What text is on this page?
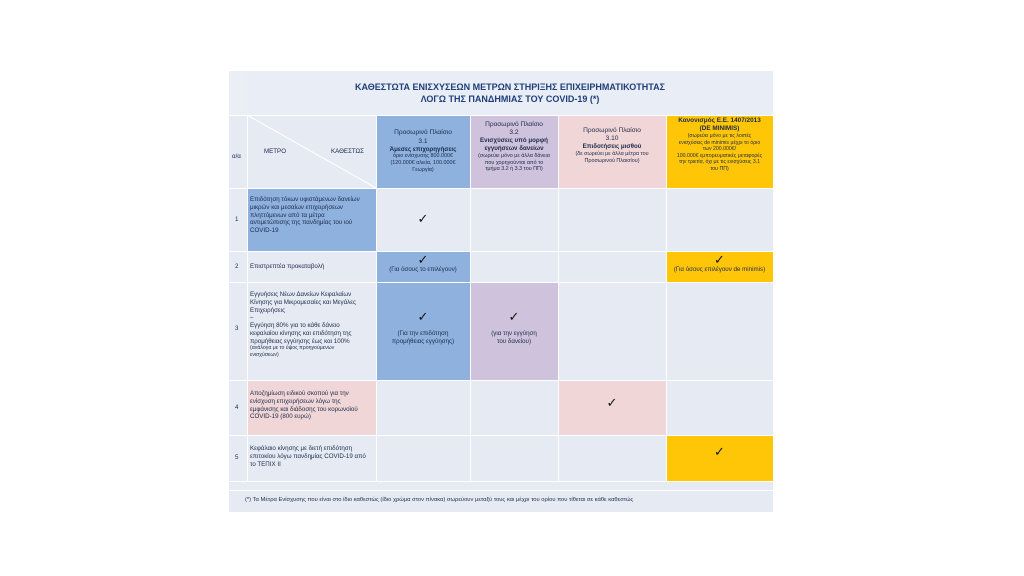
ΚΑΘΕΣΤΩΤΑ ΕΝΙΣΧΥΣΕΩΝ ΜΕΤΡΩΝ ΣΤΗΡΙΞΗΣ ΕΠΙΧΕΙΡΗΜΑΤΙΚΟΤΗΤΑΣ
ΛΟΓΩ ΤΗΣ ΠΑΝΔΗΜΙΑΣ ΤΟΥ COVID-19 (*)
α/α
ΜΕΤΡΟ	ΚΑΘΕΣΤΩΣ
Προσωρινό Πλαίσιο
3.1
Άμεσες επιχορηγήσεις
όριο ενίσχυσης 800.000€
(120.000€ αλιεία, 100.000€
Γεωργία)
Προσωρινό Πλαίσιο
3.2
Ενισχύσεις υπό μορφή
εγγυήσεων δανείων
(σωρεύει μόνο με άλλα δάνεια
που χορηγούνται από το
τμήμα 3.2 ή 3.3 του ΠΠ)
Προσωρινό Πλαίσιο
3.10
Επιδοτήσεις μισθού
(δε σωρεύει με άλλα μέτρα του
Προσωρινού Πλαισίου)
Κανονισμός Ε.Ε. 1407/2013
(DE MINIMIS)
(σωρεύει μόνο με τις λοιπές
ενισχύσεις de minimis μέχρι το όριο
των 200.000€/
100.000€ εμπορευματικές μεταφορές
την τριετία, όχι με τις ενισχύσεις 3.1
του ΠΠ)
1
Επιδότηση τόκων υφιστάμενων δανείων
μικρών και μεσαίων επιχειρήσεων
πληττόμενων από τα μέτρα
αντιμετώπισης της πανδημίας του ιού
COVID-19
✓
2 Επιστρεπτέα προκαταβολή	✓
(Για όσους το επιλέγουν)
✓
(Για όσους επιλέγουν de minimis)
3
Εγγυήσεις Νέων Δανείων Κεφαλαίων
Κίνησης για Μικρομεσαίες και Μεγάλες
Επιχειρήσεις
–
Εγγύηση 80% για το κάθε δάνειο
κεφαλαίου κίνησης και επιδότηση της
προμήθειας εγγύησης έως και 100%
(ανάλογα με το ύψος προηγούμενων
ενισχύσεων)
✓
(Για την επιδότηση
προμήθειας εγγύησης)
✓
(για την εγγύηση
του δανείου)
4
Αποζημίωση ειδικού σκοπού για την
ενίσχυση επιχειρήσεων λόγω της
εμφάνισης και διάδοσης του κορωνοϊού
COVID-19 (800 ευρώ)
✓
5
Κεφάλαιο κίνησης με διετή επιδότηση
επιτοκίου λόγω πανδημίας COVID-19 από
το ΤΕΠΙΧ ΙΙ
✓
(*) Τα Μέτρα Ενίσχυσης που είναι στο ίδιο καθεστώς (ίδιο χρώμα στον πίνακα) σωρεύουν μεταξύ τους και μέχρι του ορίου που τίθεται σε κάθε καθεστώς
